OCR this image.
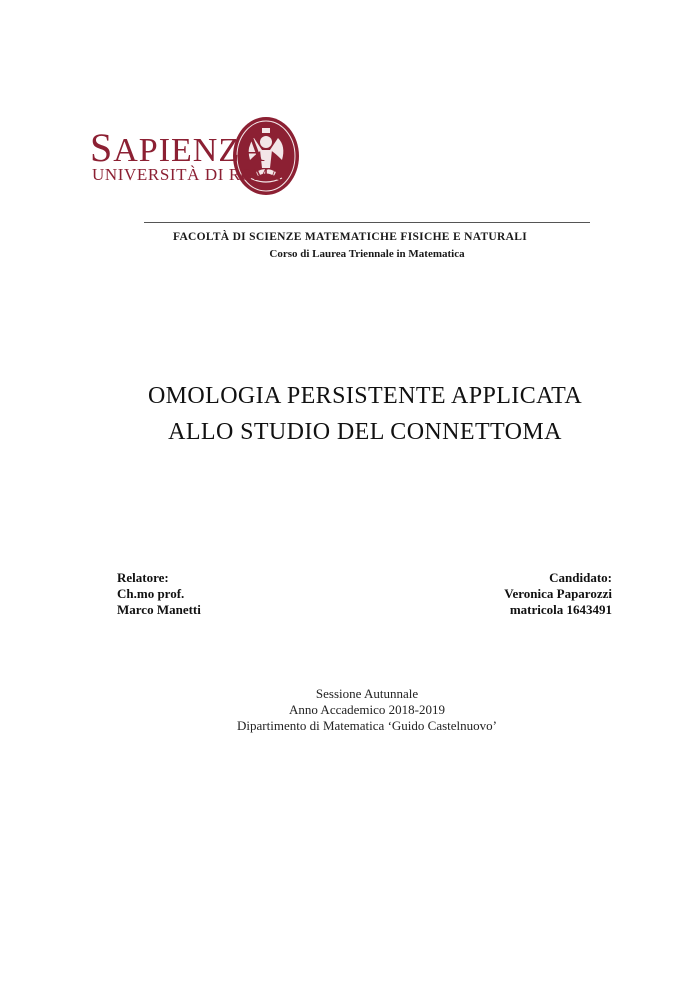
SAPIENZA
UNIVERSITÀ DI ROMA
FACOLTÀ DI SCIENZE MATEMATICHE FISICHE E NATURALI
Corso di Laurea Triennale in Matematica
OMOLOGIA PERSISTENTE APPLICATA
ALLO STUDIO DEL CONNETTOMA
Relatore:
Ch.mo prof.
Marco Manetti
Candidato:
Veronica Paparozzi
matricola 1643491
Sessione Autunnale
Anno Accademico 2018-2019
Dipartimento di Matematica ‘Guido Castelnuovo’
